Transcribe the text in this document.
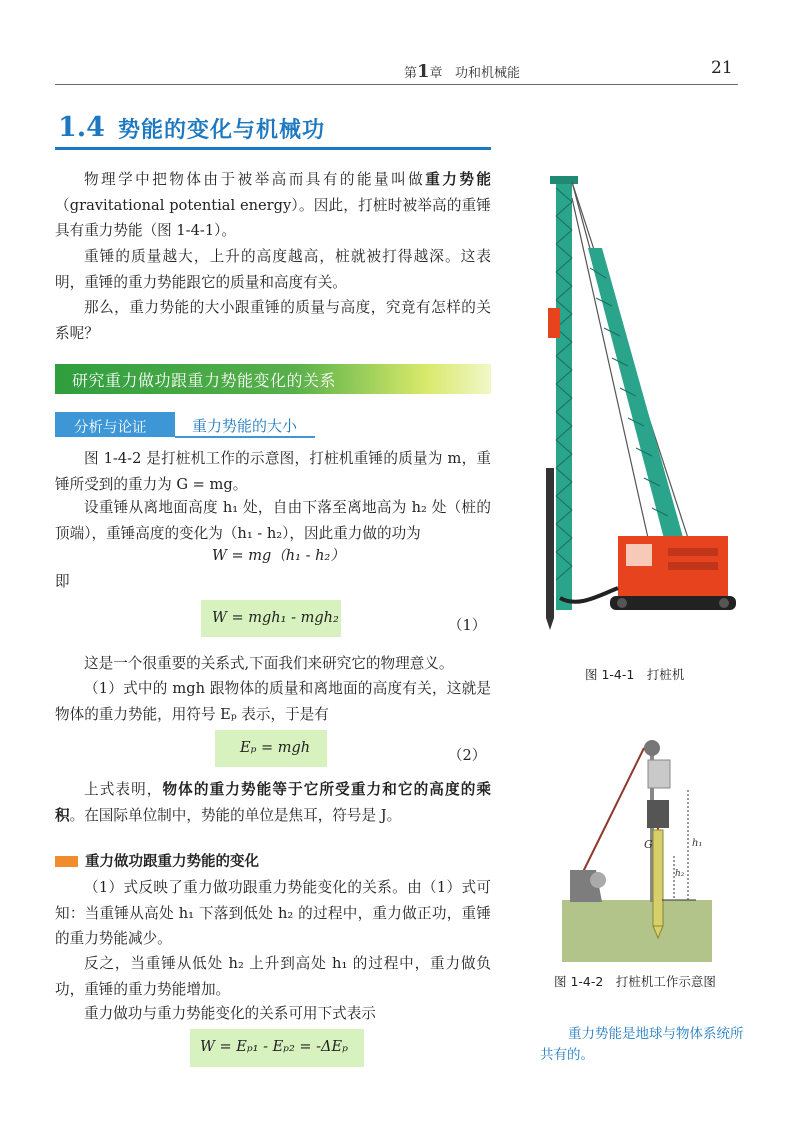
第1章 功和机械能	21
1.4 势能的变化与机械功
物理学中把物体由于被举高而具有的能量叫做重力势能（gravitational potential energy）。因此，打桩时被举高的重锤具有重力势能（图 1-4-1）。
重锤的质量越大，上升的高度越高，桩就被打得越深。这表明，重锤的重力势能跟它的质量和高度有关。
那么，重力势能的大小跟重锤的质量与高度，究竟有怎样的关系呢？
研究重力做功跟重力势能变化的关系
分析与论证	重力势能的大小
图 1-4-2 是打桩机工作的示意图，打桩机重锤的质量为 m，重锤所受到的重力为 G = mg。
设重锤从离地面高度 h₁ 处，自由下落至离地高为 h₂ 处（桩的顶端），重锤高度的变化为（h₁ - h₂），因此重力做的功为
W = mg（h₁ - h₂）
即
W = mgh₁ - mgh₂	（1）
这是一个很重要的关系式,下面我们来研究它的物理意义。
（1）式中的 mgh 跟物体的质量和离地面的高度有关，这就是物体的重力势能，用符号 Eₚ 表示，于是有
Eₚ = mgh	（2）
上式表明，物体的重力势能等于它所受重力和它的高度的乘积。在国际单位制中，势能的单位是焦耳，符号是 J。
重力做功跟重力势能的变化
（1）式反映了重力做功跟重力势能变化的关系。由（1）式可知：当重锤从高处 h₁ 下落到低处 h₂ 的过程中，重力做正功，重锤的重力势能减少。
反之，当重锤从低处 h₂ 上升到高处 h₁ 的过程中，重力做负功，重锤的重力势能增加。
重力做功与重力势能变化的关系可用下式表示
W = Eₚ₁ - Eₚ₂ = -ΔEₚ
图 1-4-1　打桩机
G	h₁
h₂
图 1-4-2　打桩机工作示意图
重力势能是地球与物体系统所共有的。
